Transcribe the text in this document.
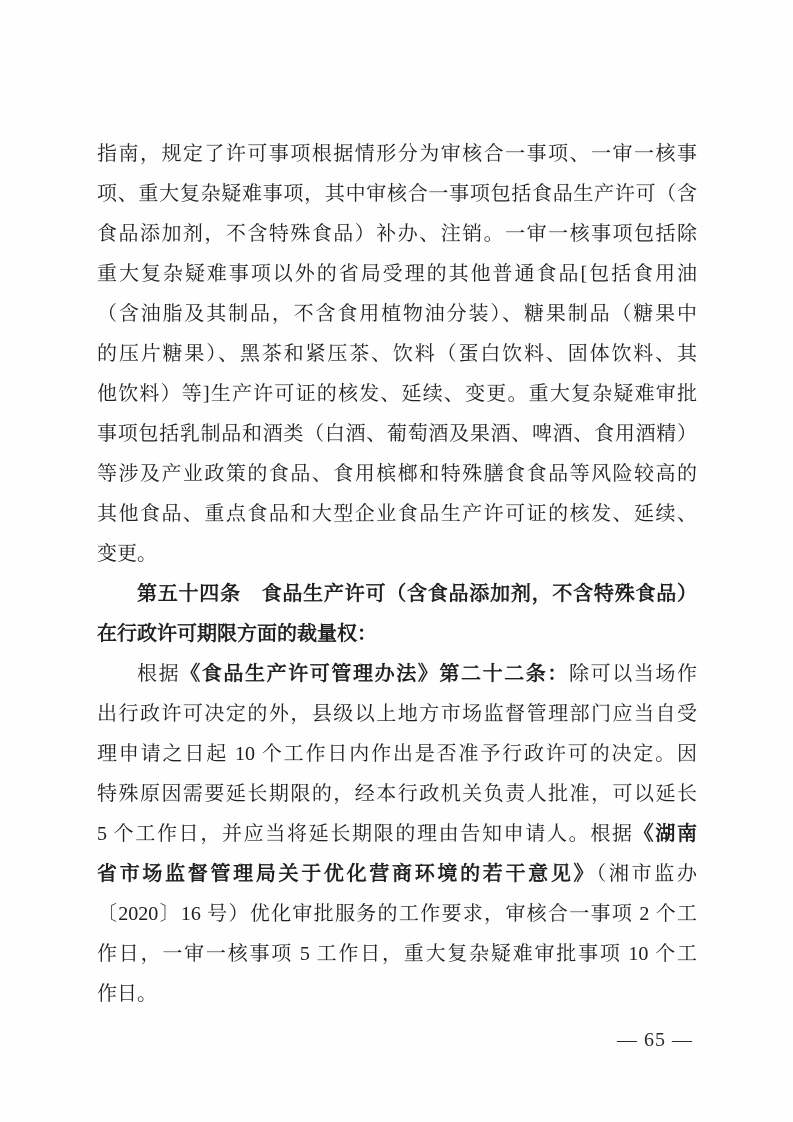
指南，规定了许可事项根据情形分为审核合一事项、一审一核事
项、重大复杂疑难事项，其中审核合一事项包括食品生产许可（含
食品添加剂，不含特殊食品）补办、注销。一审一核事项包括除
重大复杂疑难事项以外的省局受理的其他普通食品[包括食用油
（含油脂及其制品，不含食用植物油分装）、糖果制品（糖果中
的压片糖果）、黑茶和紧压茶、饮料（蛋白饮料、固体饮料、其
他饮料）等]生产许可证的核发、延续、变更。重大复杂疑难审批
事项包括乳制品和酒类（白酒、葡萄酒及果酒、啤酒、食用酒精）
等涉及产业政策的食品、食用槟榔和特殊膳食食品等风险较高的
其他食品、重点食品和大型企业食品生产许可证的核发、延续、
变更。
第五十四条　食品生产许可（含食品添加剂，不含特殊食品）
在行政许可期限方面的裁量权：
根据《食品生产许可管理办法》第二十二条：除可以当场作
出行政许可决定的外，县级以上地方市场监督管理部门应当自受
理申请之日起 10 个工作日内作出是否准予行政许可的决定。因
特殊原因需要延长期限的，经本行政机关负责人批准，可以延长
5 个工作日，并应当将延长期限的理由告知申请人。根据《湖南
省市场监督管理局关于优化营商环境的若干意见》（湘市监办
〔2020〕16 号）优化审批服务的工作要求，审核合一事项 2 个工
作日，一审一核事项 5 工作日，重大复杂疑难审批事项 10 个工
作日。
— 65 —
